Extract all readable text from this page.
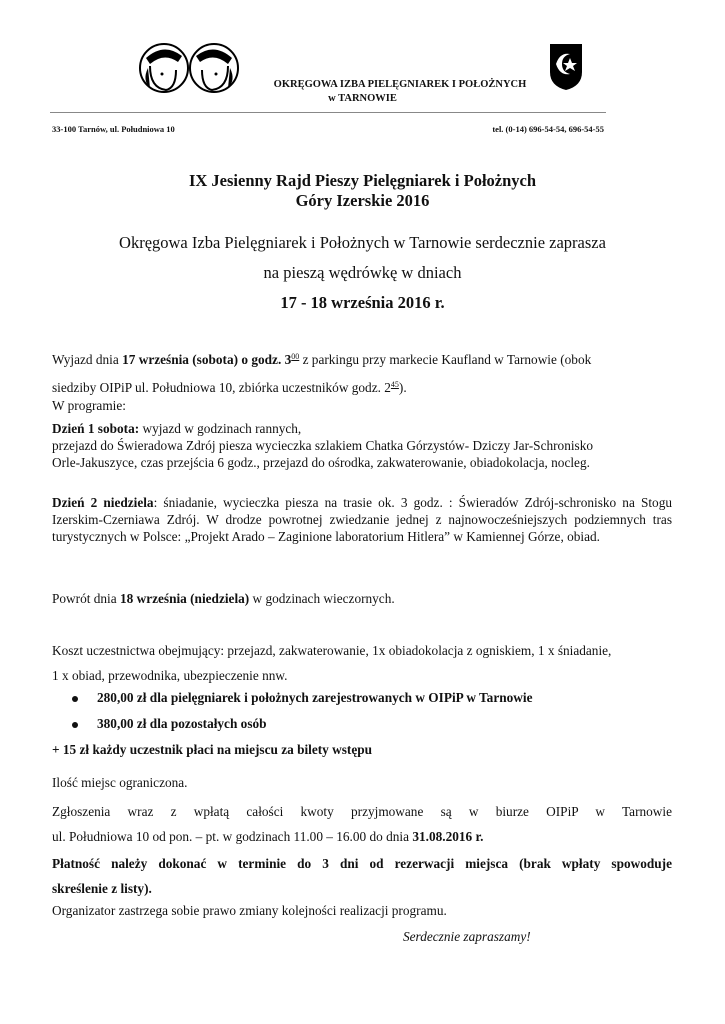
OKRĘGOWA IZBA PIELĘGNIAREK I POŁOŻNYCH
w TARNOWIE
33-100 Tarnów, ul. Południowa 10	tel. (0-14) 696-54-54, 696-54-55
IX Jesienny Rajd Pieszy Pielęgniarek i Położnych
Góry Izerskie 2016
Okręgowa Izba Pielęgniarek i Położnych w Tarnowie serdecznie zaprasza
na pieszą wędrówkę w dniach
17 - 18 września 2016 r.
Wyjazd dnia 17 września (sobota) o godz. $3^{00}$ z parkingu przy markecie Kaufland w Tarnowie (obok
siedziby OIPiP ul. Południowa 10, zbiórka uczestników godz. $2^{45}$).
W programie:
Dzień 1 sobota: wyjazd w godzinach rannych,
przejazd do Świeradowa Zdrój piesza wycieczka szlakiem Chatka Górzystów- Dziczy Jar-Schronisko
Orle-Jakuszyce, czas przejścia 6 godz., przejazd do ośrodka, zakwaterowanie, obiadokolacja, nocleg.
Dzień 2 niedziela: śniadanie, wycieczka piesza na trasie ok. 3 godz. : Świeradów Zdrój-schronisko na Stogu Izerskim-Czerniawa Zdrój. W drodze powrotnej zwiedzanie jednej z najnowocześniejszych podziemnych tras turystycznych w Polsce: „Projekt Arado – Zaginione laboratorium Hitlera” w Kamiennej Górze, obiad.
Powrót dnia 18 września (niedziela) w godzinach wieczornych.
Koszt uczestnictwa obejmujący: przejazd, zakwaterowanie, 1x obiadokolacja z ogniskiem, 1 x śniadanie,
1 x obiad, przewodnika, ubezpieczenie nnw.
280,00 zł dla pielęgniarek i położnych zarejestrowanych w OIPiP w Tarnowie
380,00 zł dla pozostałych osób
+ 15 zł każdy uczestnik płaci na miejscu za bilety wstępu
Ilość miejsc ograniczona.
Zgłoszenia wraz z wpłatą całości kwoty przyjmowane są w biurze OIPiP w Tarnowie
ul. Południowa 10 od pon. – pt. w godzinach 11.00 – 16.00 do dnia 31.08.2016 r.
Płatność należy dokonać w terminie do 3 dni od rezerwacji miejsca (brak wpłaty spowoduje
skreślenie z listy).
Organizator zastrzega sobie prawo zmiany kolejności realizacji programu.
Serdecznie zapraszamy!
